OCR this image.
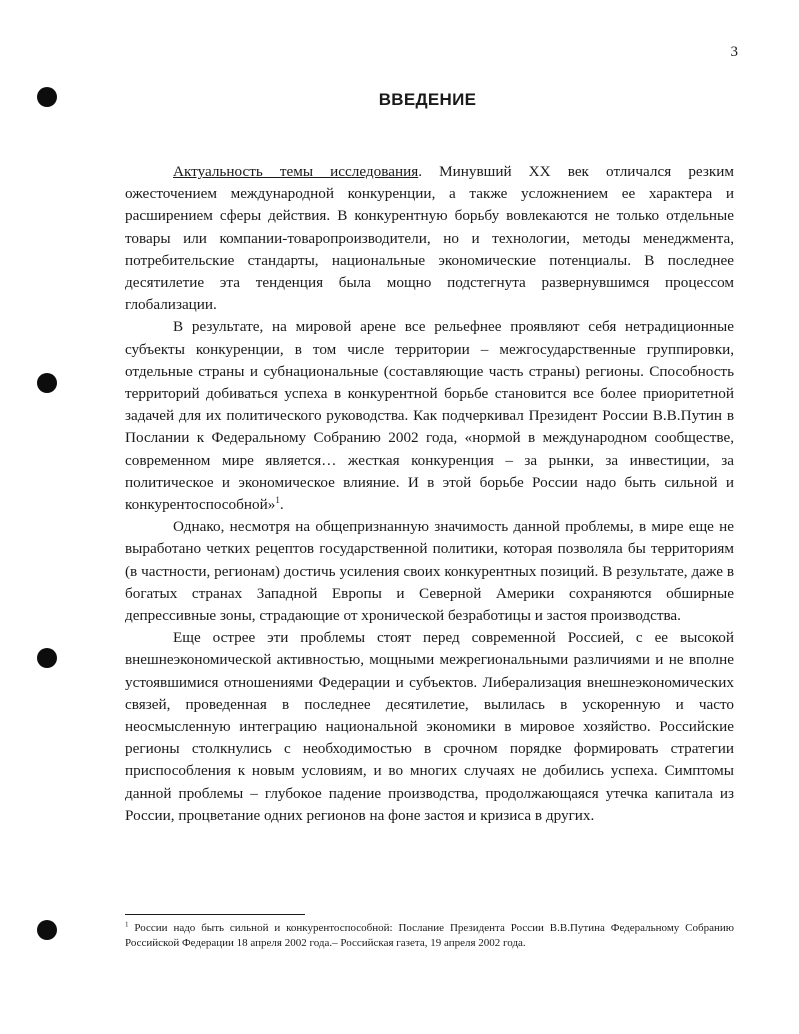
3
ВВЕДЕНИЕ

Актуальность темы исследования. Минувший XX век отличался резким ожесточением международной конкуренции, а также усложнением ее характера и расширением сферы действия. В конкурентную борьбу вовлекаются не только отдельные товары или компании-товаропроизводители, но и технологии, методы менеджмента, потребительские стандарты, национальные экономические потенциалы. В последнее десятилетие эта тенденция была мощно подстегнута развернувшимся процессом глобализации.

В результате, на мировой арене все рельефнее проявляют себя нетрадиционные субъекты конкуренции, в том числе территории – межгосударственные группировки, отдельные страны и субнациональные (составляющие часть страны) регионы. Способность территорий добиваться успеха в конкурентной борьбе становится все более приоритетной задачей для их политического руководства. Как подчеркивал Президент России В.В.Путин в Послании к Федеральному Собранию 2002 года, «нормой в международном сообществе, современном мире является… жесткая конкуренция – за рынки, за инвестиции, за политическое и экономическое влияние. И в этой борьбе России надо быть сильной и конкурентоспособной»$^1$.

Однако, несмотря на общепризнанную значимость данной проблемы, в мире еще не выработано четких рецептов государственной политики, которая позволяла бы территориям (в частности, регионам) достичь усиления своих конкурентных позиций. В результате, даже в богатых странах Западной Европы и Северной Америки сохраняются обширные депрессивные зоны, страдающие от хронической безработицы и застоя производства.

Еще острее эти проблемы стоят перед современной Россией, с ее высокой внешнеэкономической активностью, мощными межрегиональными различиями и не вполне устоявшимися отношениями Федерации и субъектов. Либерализация внешнеэкономических связей, проведенная в последнее десятилетие, вылилась в ускоренную и часто неосмысленную интеграцию национальной экономики в мировое хозяйство. Российские регионы столкнулись с необходимостью в срочном порядке формировать стратегии приспособления к новым условиям, и во многих случаях не добились успеха. Симптомы данной проблемы – глубокое падение производства, продолжающаяся утечка капитала из России, процветание одних регионов на фоне застоя и кризиса в других.

$^1$ России надо быть сильной и конкурентоспособной: Послание Президента России В.В.Путина Федеральному Собранию Российской Федерации 18 апреля 2002 года.– Российская газета, 19 апреля 2002 года.
